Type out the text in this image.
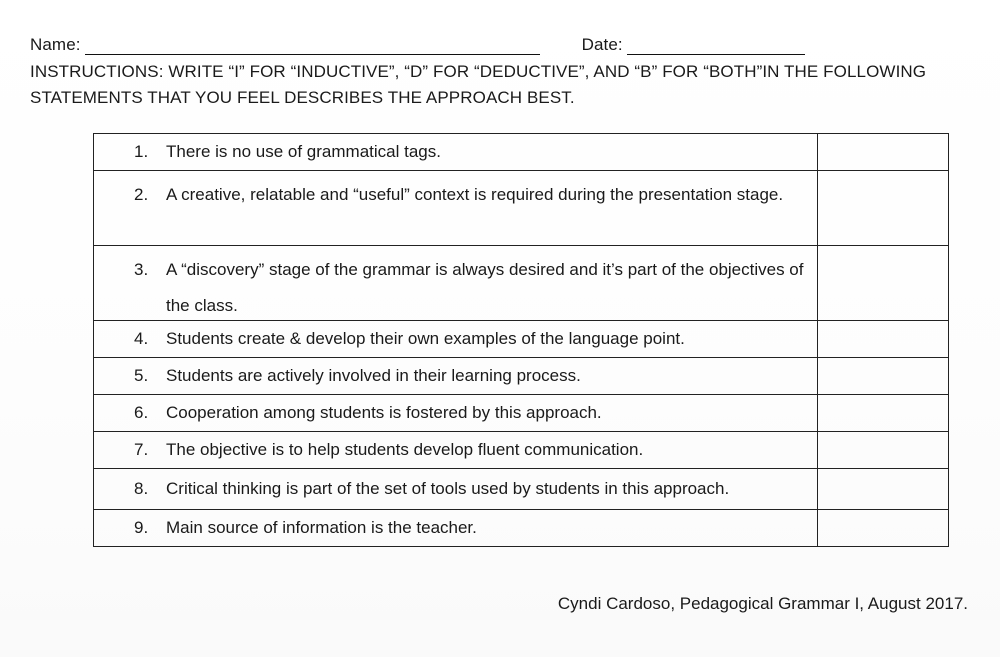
Name:	Date:
INSTRUCTIONS: WRITE “I” FOR “INDUCTIVE”, “D” FOR “DEDUCTIVE”, AND “B” FOR “BOTH”IN THE FOLLOWING
STATEMENTS THAT YOU FEEL DESCRIBES THE APPROACH BEST.
1. There is no use of grammatical tags.	

2. A creative, relatable and “useful” context is required during the presentation stage.	

3. A “discovery” stage of the grammar is always desired and it’s part of the objectives of the class.	

4. Students create & develop their own examples of the language point.	

5. Students are actively involved in their learning process.	

6. Cooperation among students is fostered by this approach.	

7. The objective is to help students develop fluent communication.	

8. Critical thinking is part of the set of tools used by students in this approach.	

9. Main source of information is the teacher.	

Cyndi Cardoso, Pedagogical Grammar I, August 2017.
